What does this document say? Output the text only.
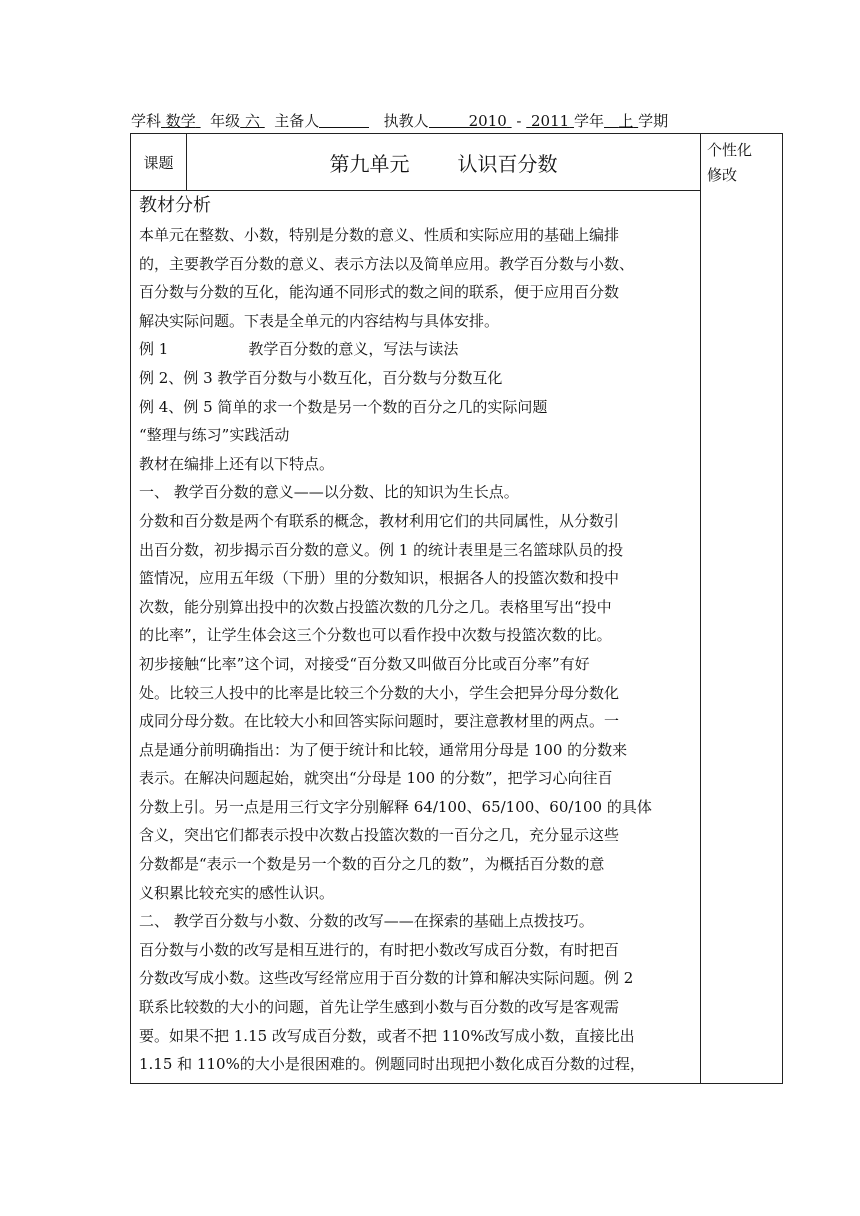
学科 数学 年级 六 主备人	执教人	2010 - 2011 学年 上 学期
课题	第九单元 认识百分数	
个性化
修改

教材分析

本单元在整数、小数，特别是分数的意义、性质和实际应用的基础上编排

的，主要教学百分数的意义、表示方法以及简单应用。教学百分数与小数、

百分数与分数的互化，能沟通不同形式的数之间的联系，便于应用百分数

解决实际问题。下表是全单元的内容结构与具体安排。

例 1	教学百分数的意义，写法与读法

例 2、例 3 教学百分数与小数互化，百分数与分数互化

例 4、例 5 简单的求一个数是另一个数的百分之几的实际问题

“整理与练习”实践活动

教材在编排上还有以下特点。

一、 教学百分数的意义——以分数、比的知识为生长点。

分数和百分数是两个有联系的概念，教材利用它们的共同属性，从分数引

出百分数，初步揭示百分数的意义。例 1 的统计表里是三名篮球队员的投

篮情况，应用五年级（下册）里的分数知识，根据各人的投篮次数和投中

次数，能分别算出投中的次数占投篮次数的几分之几。表格里写出“投中

的比率”，让学生体会这三个分数也可以看作投中次数与投篮次数的比。

初步接触“比率”这个词，对接受“百分数又叫做百分比或百分率”有好

处。比较三人投中的比率是比较三个分数的大小，学生会把异分母分数化

成同分母分数。在比较大小和回答实际问题时，要注意教材里的两点。一

点是通分前明确指出：为了便于统计和比较，通常用分母是 100 的分数来

表示。在解决问题起始，就突出“分母是 100 的分数”，把学习心向往百

分数上引。另一点是用三行文字分别解释 64/100、65/100、60/100 的具体

含义，突出它们都表示投中次数占投篮次数的一百分之几，充分显示这些

分数都是“表示一个数是另一个数的百分之几的数”，为概括百分数的意

义积累比较充实的感性认识。

二、 教学百分数与小数、分数的改写——在探索的基础上点拨技巧。

百分数与小数的改写是相互进行的，有时把小数改写成百分数，有时把百

分数改写成小数。这些改写经常应用于百分数的计算和解决实际问题。例 2

联系比较数的大小的问题，首先让学生感到小数与百分数的改写是客观需

要。如果不把 1.15 改写成百分数，或者不把 110%改写成小数，直接比出

1.15 和 110%的大小是很困难的。例题同时出现把小数化成百分数的过程，
